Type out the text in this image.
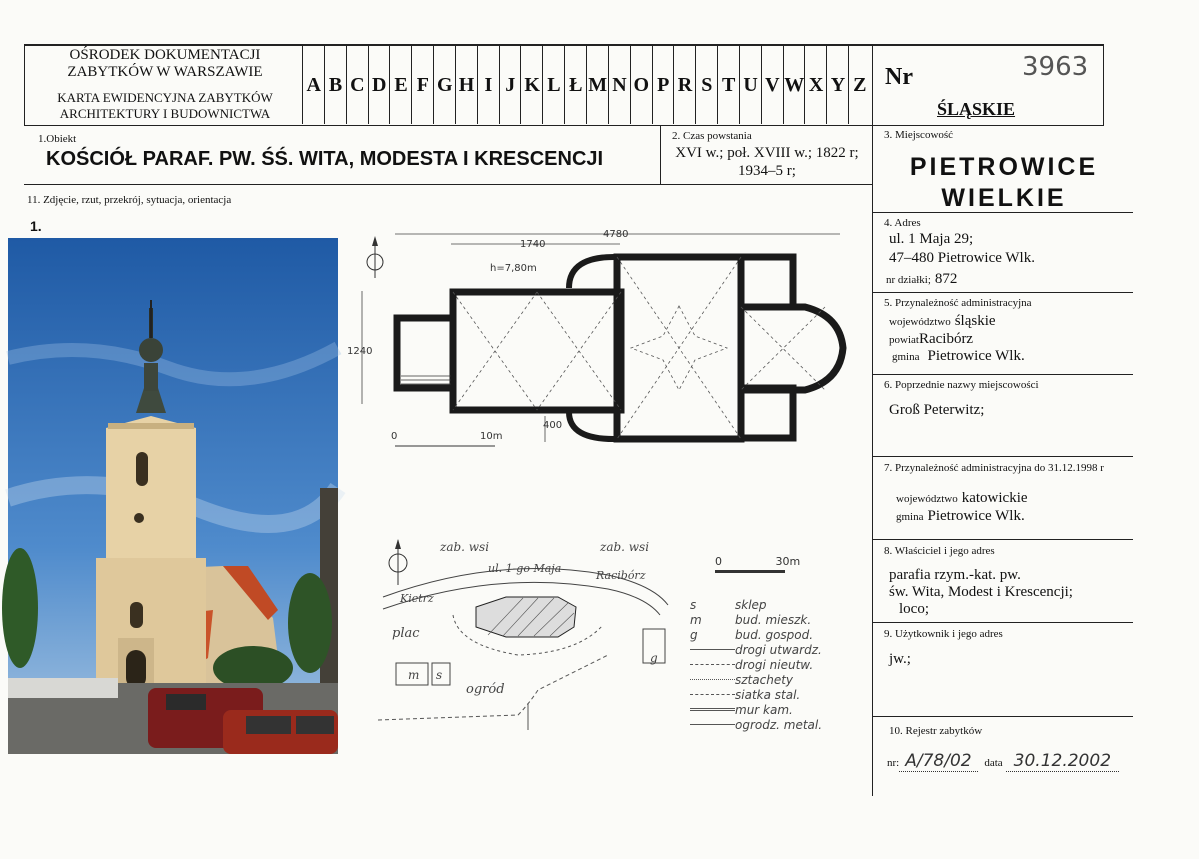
OŚRODEK DOKUMENTACJI
ZABYTKÓW W WARSZAWIE
KARTA EWIDENCYJNA ZABYTKÓW
ARCHITEKTURY I BUDOWNICTWA
A B C D E F G H I J K L Ł M N O P R S T U V W X Y Z Nr	3963
ŚLĄSKIE
1.Obiekt
KOŚCIÓŁ PARAF. PW. ŚŚ. WITA, MODESTA I KRESCENCJI
2. Czas powstania
XVI w.; poł. XVIII w.; 1822 r;
1934–5 r;
3. Miejscowość
PIETROWICE
WIELKIE
4. Adres
ul. 1 Maja 29;
47–480 Pietrowice Wlk.
nr działki; 872
5. Przynależność administracyjna
województwo śląskie
powiatRacibórz
gmina Pietrowice Wlk.
6. Poprzednie nazwy miejscowości
Groß Peterwitz;
7. Przynależność administracyjna do 31.12.1998 r
województwo katowickie
gmina Pietrowice Wlk.
8. Właściciel i jego adres
parafia rzym.-kat. pw.
św. Wita, Modest i Krescencji;
loco;
9. Użytkownik i jego adres
jw.;
10. Rejestr zabytków
nr: A/78/02 data 30.12.2002
11. Zdjęcie, rzut, przekrój, sytuacja, orientacja
1.
4780
1740
h=7,80m
1240
400
0	10m
zab. wsi	zab. wsi
ul. 1-go Maja
Kietrz
Racibórz
m s
g
plac
ogród
0	30m
s	sklep
m	bud. mieszk.
g	bud. gospod.
drogi utwardz.
drogi nieutw.
sztachety
siatka stal.
mur kam.
ogrodz. metal.
